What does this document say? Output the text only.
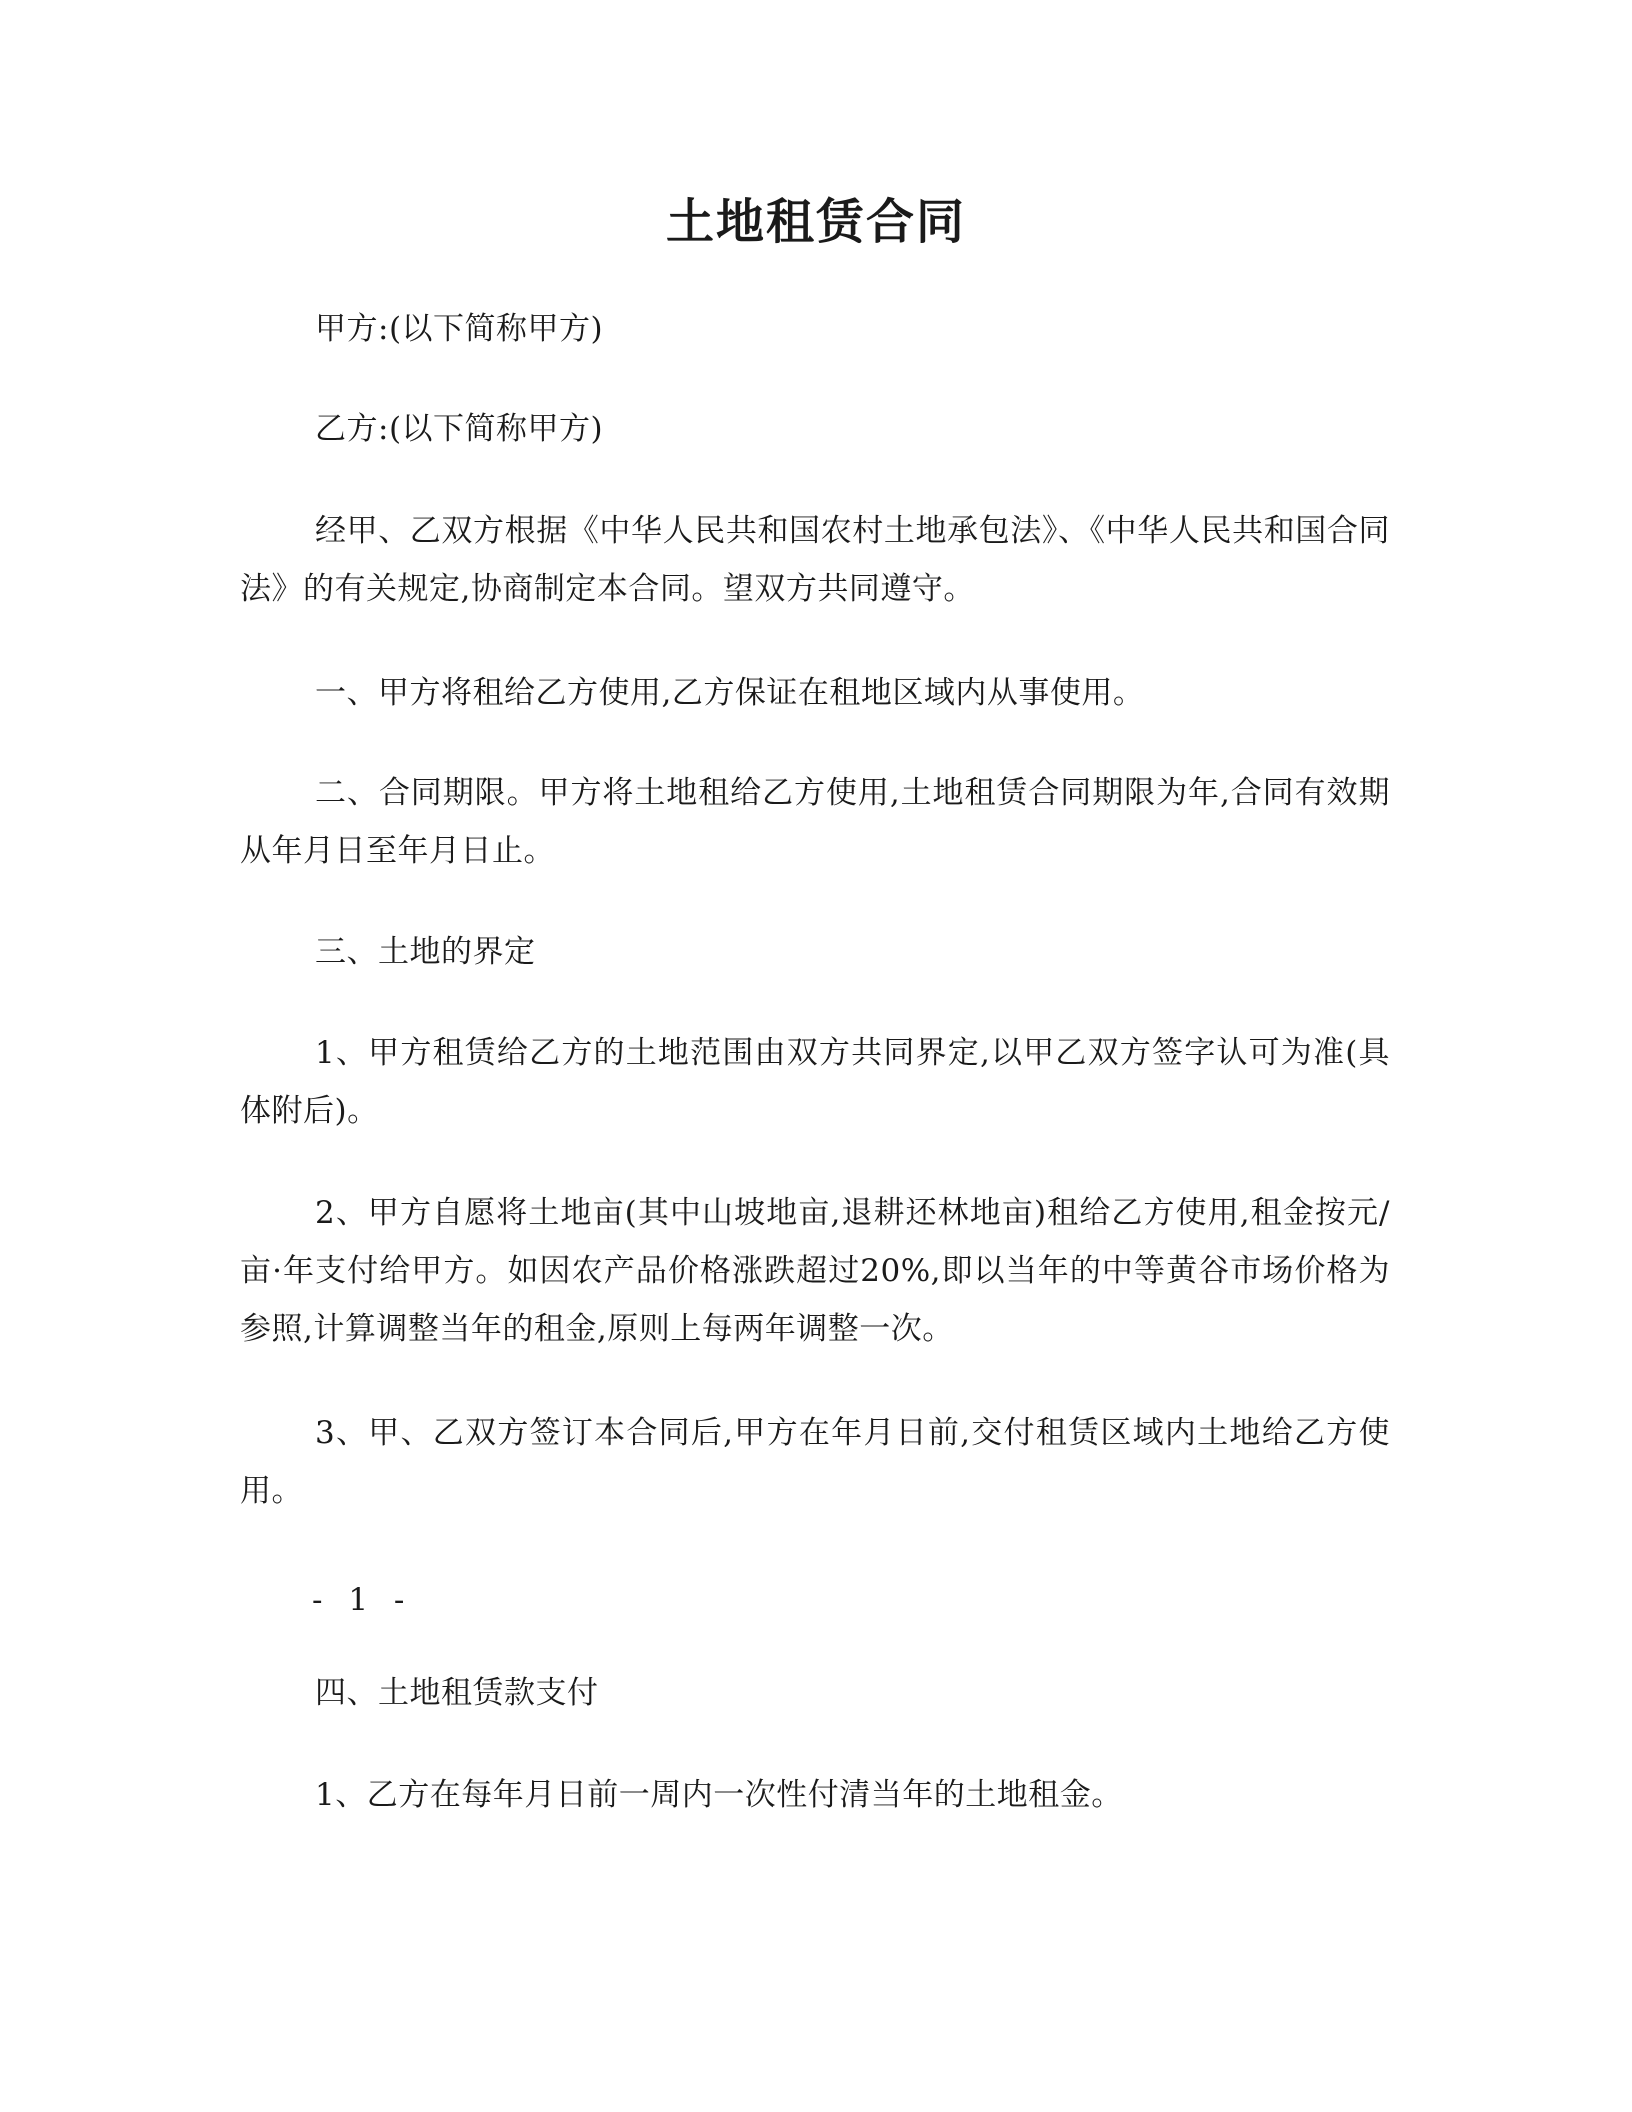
土地租赁合同

甲方:(以下简称甲方)

乙方:(以下简称甲方)

经甲、乙双方根据《中华人民共和国农村土地承包法》、《中华人民共和国合同法》的有关规定,协商制定本合同。望双方共同遵守。

一、甲方将租给乙方使用,乙方保证在租地区域内从事使用。

二、合同期限。甲方将土地租给乙方使用,土地租赁合同期限为年,合同有效期从年月日至年月日止。

三、土地的界定

1、甲方租赁给乙方的土地范围由双方共同界定,以甲乙双方签字认可为准(具体附后)。

2、甲方自愿将土地亩(其中山坡地亩,退耕还林地亩)租给乙方使用,租金按元/亩·年支付给甲方。如因农产品价格涨跌超过20%,即以当年的中等黄谷市场价格为参照,计算调整当年的租金,原则上每两年调整一次。

3、甲、乙双方签订本合同后,甲方在年月日前,交付租赁区域内土地给乙方使用。

- 1 -

四、土地租赁款支付

1、乙方在每年月日前一周内一次性付清当年的土地租金。
